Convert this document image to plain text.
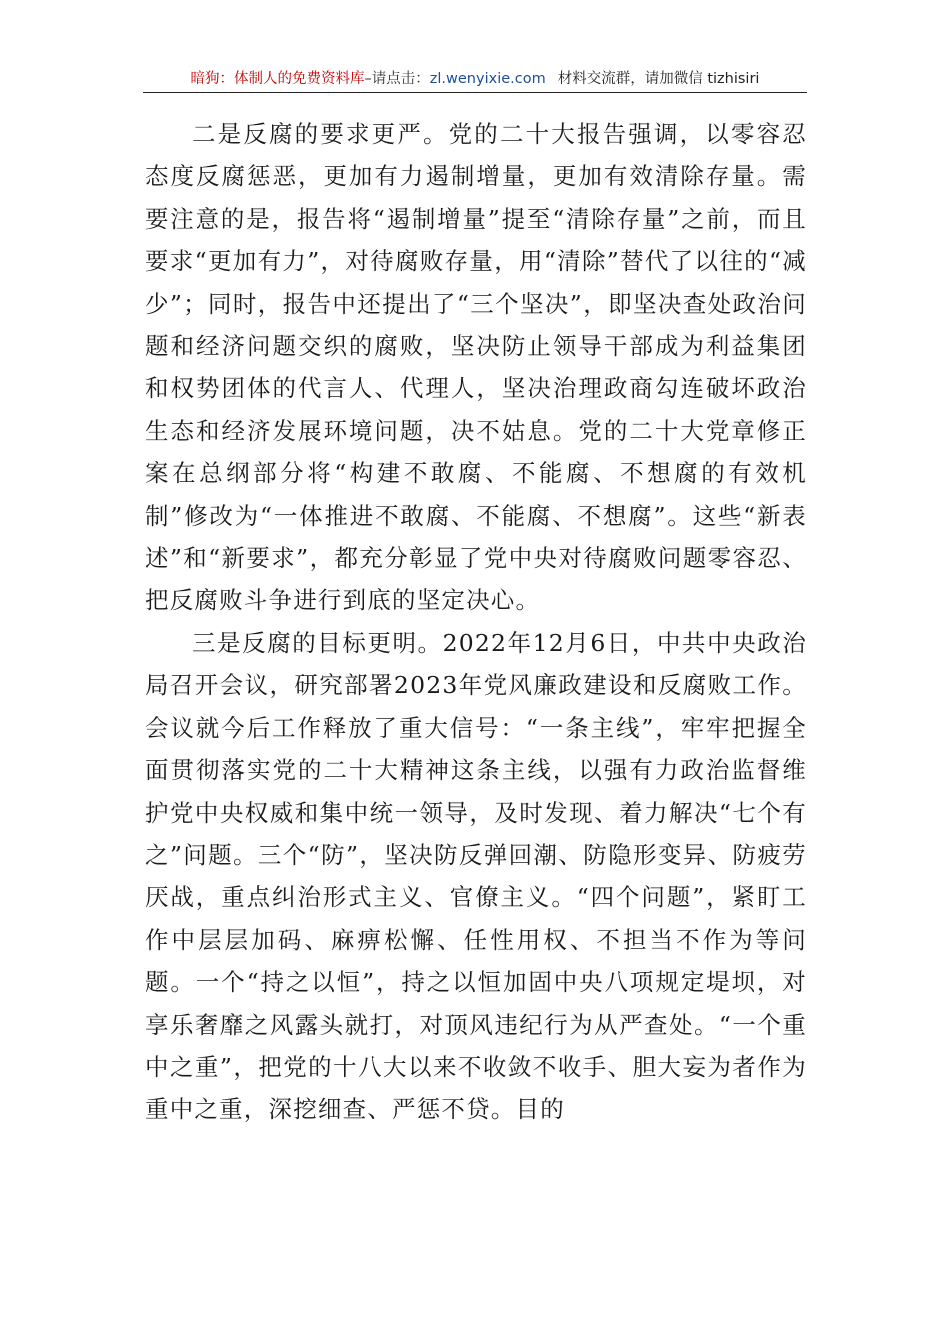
暗狗：体制人的免费资料库–请点击：zl.wenyixie.com 材料交流群，请加微信 tizhisiri

二是反腐的要求更严。党的二十大报告强调，以零容忍态度反腐惩恶，更加有力遏制增量，更加有效清除存量。需要注意的是，报告将“遏制增量”提至“清除存量”之前，而且要求“更加有力”，对待腐败存量，用“清除”替代了以往的“减少”；同时，报告中还提出了“三个坚决”，即坚决查处政治问题和经济问题交织的腐败，坚决防止领导干部成为利益集团和权势团体的代言人、代理人，坚决治理政商勾连破坏政治生态和经济发展环境问题，决不姑息。党的二十大党章修正案在总纲部分将“构建不敢腐、不能腐、不想腐的有效机制”修改为“一体推进不敢腐、不能腐、不想腐”。这些“新表述”和“新要求”，都充分彰显了党中央对待腐败问题零容忍、把反腐败斗争进行到底的坚定决心。

三是反腐的目标更明。2022年12月6日，中共中央政治局召开会议，研究部署2023年党风廉政建设和反腐败工作。会议就今后工作释放了重大信号：“一条主线”，牢牢把握全面贯彻落实党的二十大精神这条主线，以强有力政治监督维护党中央权威和集中统一领导，及时发现、着力解决“七个有之”问题。三个“防”，坚决防反弹回潮、防隐形变异、防疲劳厌战，重点纠治形式主义、官僚主义。“四个问题”，紧盯工作中层层加码、麻痹松懈、任性用权、不担当不作为等问题。一个“持之以恒”，持之以恒加固中央八项规定堤坝，对享乐奢靡之风露头就打，对顶风违纪行为从严查处。“一个重中之重”，把党的十八大以来不收敛不收手、胆大妄为者作为重中之重，深挖细查、严惩不贷。目的
